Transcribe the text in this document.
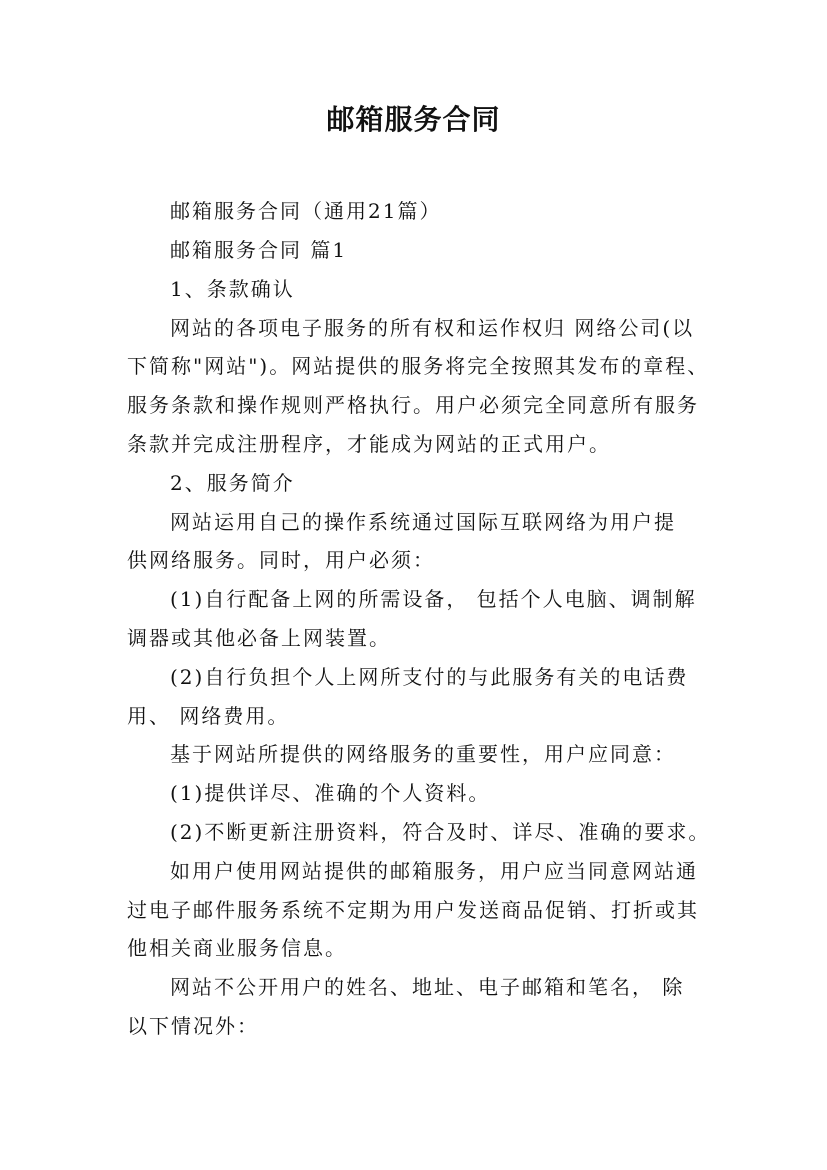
邮箱服务合同
邮箱服务合同（通用21篇）
邮箱服务合同 篇1
1、条款确认
网站的各项电子服务的所有权和运作权归 网络公司(以
下简称"网站")。网站提供的服务将完全按照其发布的章程、
服务条款和操作规则严格执行。用户必须完全同意所有服务
条款并完成注册程序，才能成为网站的正式用户。
2、服务简介
网站运用自己的操作系统通过国际互联网络为用户提
供网络服务。同时，用户必须：
(1)自行配备上网的所需设备， 包括个人电脑、调制解
调器或其他必备上网装置。
(2)自行负担个人上网所支付的与此服务有关的电话费
用、 网络费用。
基于网站所提供的网络服务的重要性，用户应同意：
(1)提供详尽、准确的个人资料。
(2)不断更新注册资料，符合及时、详尽、准确的要求。
如用户使用网站提供的邮箱服务，用户应当同意网站通
过电子邮件服务系统不定期为用户发送商品促销、打折或其
他相关商业服务信息。
网站不公开用户的姓名、地址、电子邮箱和笔名， 除
以下情况外：
